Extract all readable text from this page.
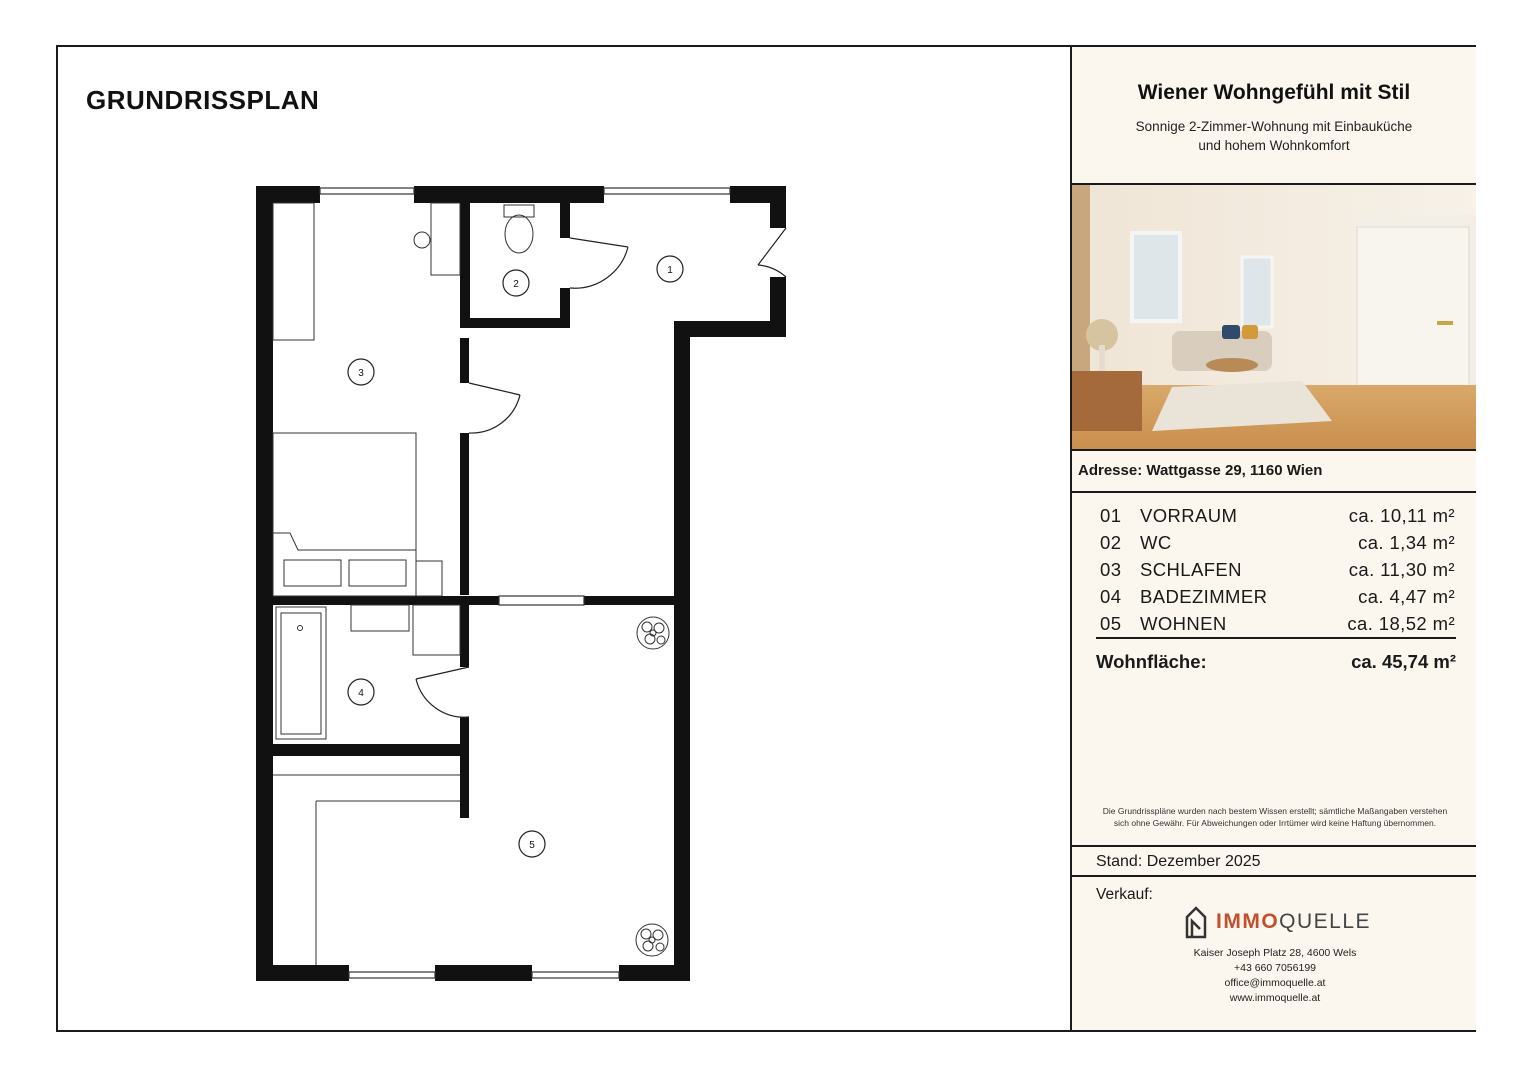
GRUNDRISSPLAN
1
2
3
4
5
Wiener Wohngefühl mit Stil
Sonnige 2-Zimmer-Wohnung mit Einbauküche
und hohem Wohnkomfort
Adresse: Wattgasse 29, 1160 Wien
01 VORRAUM	ca. 10,11 m²
02 WC	ca. 1,34 m²
03 SCHLAFEN	ca. 11,30 m²
04 BADEZIMMER	ca. 4,47 m²
05 WOHNEN	ca. 18,52 m²
Wohnfläche:	ca. 45,74 m²
Die Grundrisspläne wurden nach bestem Wissen erstellt; sämtliche Maßangaben verstehen
sich ohne Gewähr. Für Abweichungen oder Irrtümer wird keine Haftung übernommen.
Stand: Dezember 2025
Verkauf:
IMMOQUELLE
Kaiser Joseph Platz 28, 4600 Wels
+43 660 7056199
office@immoquelle.at
www.immoquelle.at
